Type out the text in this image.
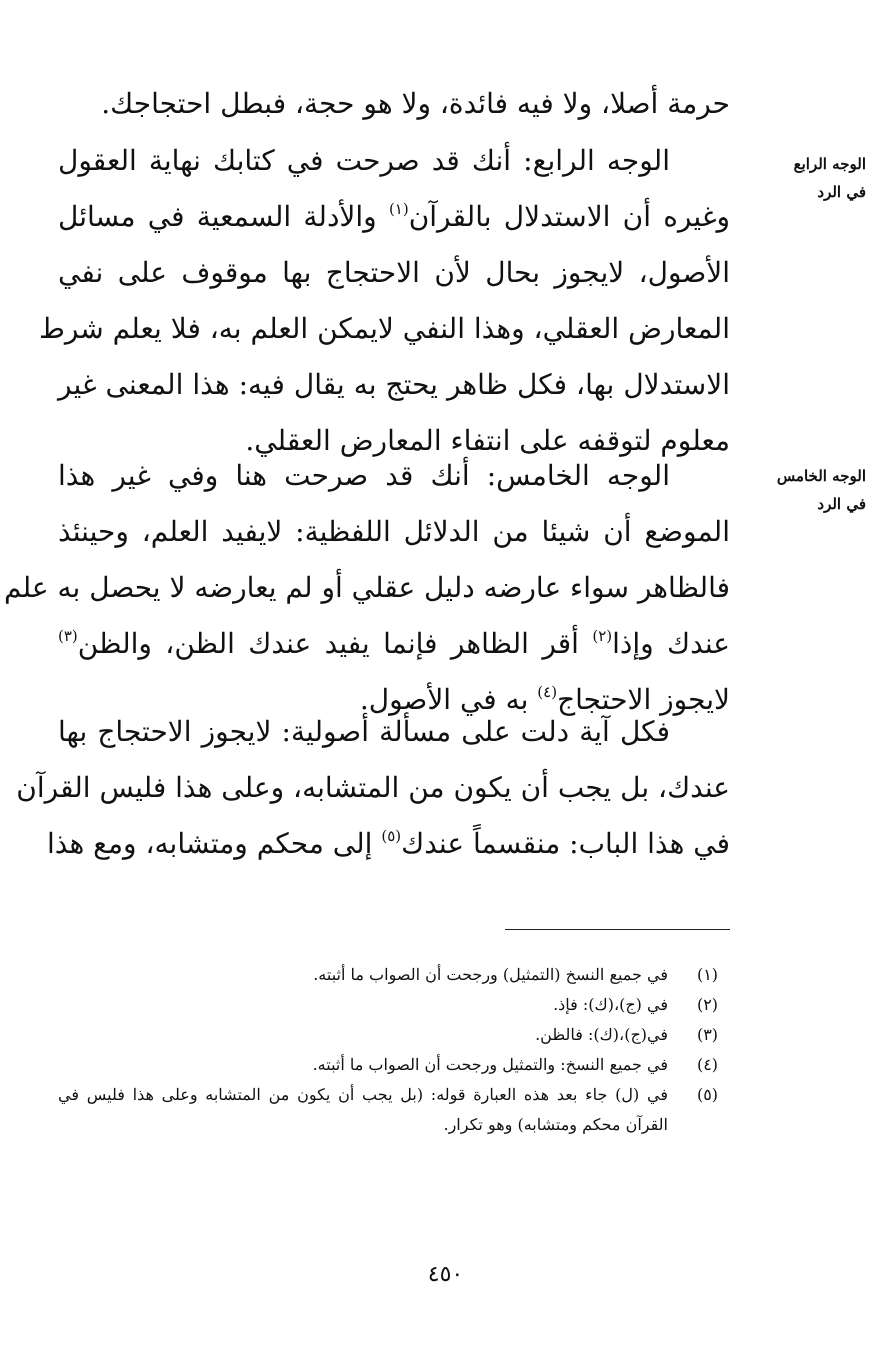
حرمة أصلا، ولا فيه فائدة، ولا هو حجة، فبطل احتجاجك.
الوجه الرابع في الرد
الوجه الرابع: أنك قد صرحت في كتابك نهاية العقول
وغيره أن الاستدلال بالقرآن$^{(١)}$ والأدلة السمعية في مسائل
الأصول، لايجوز بحال لأن الاحتجاج بها موقوف على نفي
المعارض العقلي، وهذا النفي لايمكن العلم به، فلا يعلم شرط
الاستدلال بها، فكل ظاهر يحتج به يقال فيه: هذا المعنى غير
معلوم لتوقفه على انتفاء المعارض العقلي.
الوجه الخامس في الرد
الوجه الخامس: أنك قد صرحت هنا وفي غير هذا
الموضع أن شيئا من الدلائل اللفظية: لايفيد العلم، وحينئذ
فالظاهر سواء عارضه دليل عقلي أو لم يعارضه لا يحصل به علم
عندك وإذا$^{(٢)}$ أقر الظاهر فإنما يفيد عندك الظن، والظن$^{(٣)}$
لايجوز الاحتجاج$^{(٤)}$ به في الأصول.
فكل آية دلت على مسألة أصولية: لايجوز الاحتجاج بها
عندك، بل يجب أن يكون من المتشابه، وعلى هذا فليس القرآن
في هذا الباب: منقسماً عندك$^{(٥)}$ إلى محكم ومتشابه، ومع هذا
(١)
في جميع النسخ (التمثيل) ورجحت أن الصواب ما أثبته.
(٢)
في (ج)،(ك): فإذ.
(٣)
في(ج)،(ك): فالظن.
(٤)
في جميع النسخ: والتمثيل ورجحت أن الصواب ما أثبته.
(٥)
في (ل) جاء بعد هذه العبارة قوله: (بل يجب أن يكون من المتشابه وعلى هذا فليس في القرآن محكم ومتشابه) وهو تكرار.
٤٥٠
